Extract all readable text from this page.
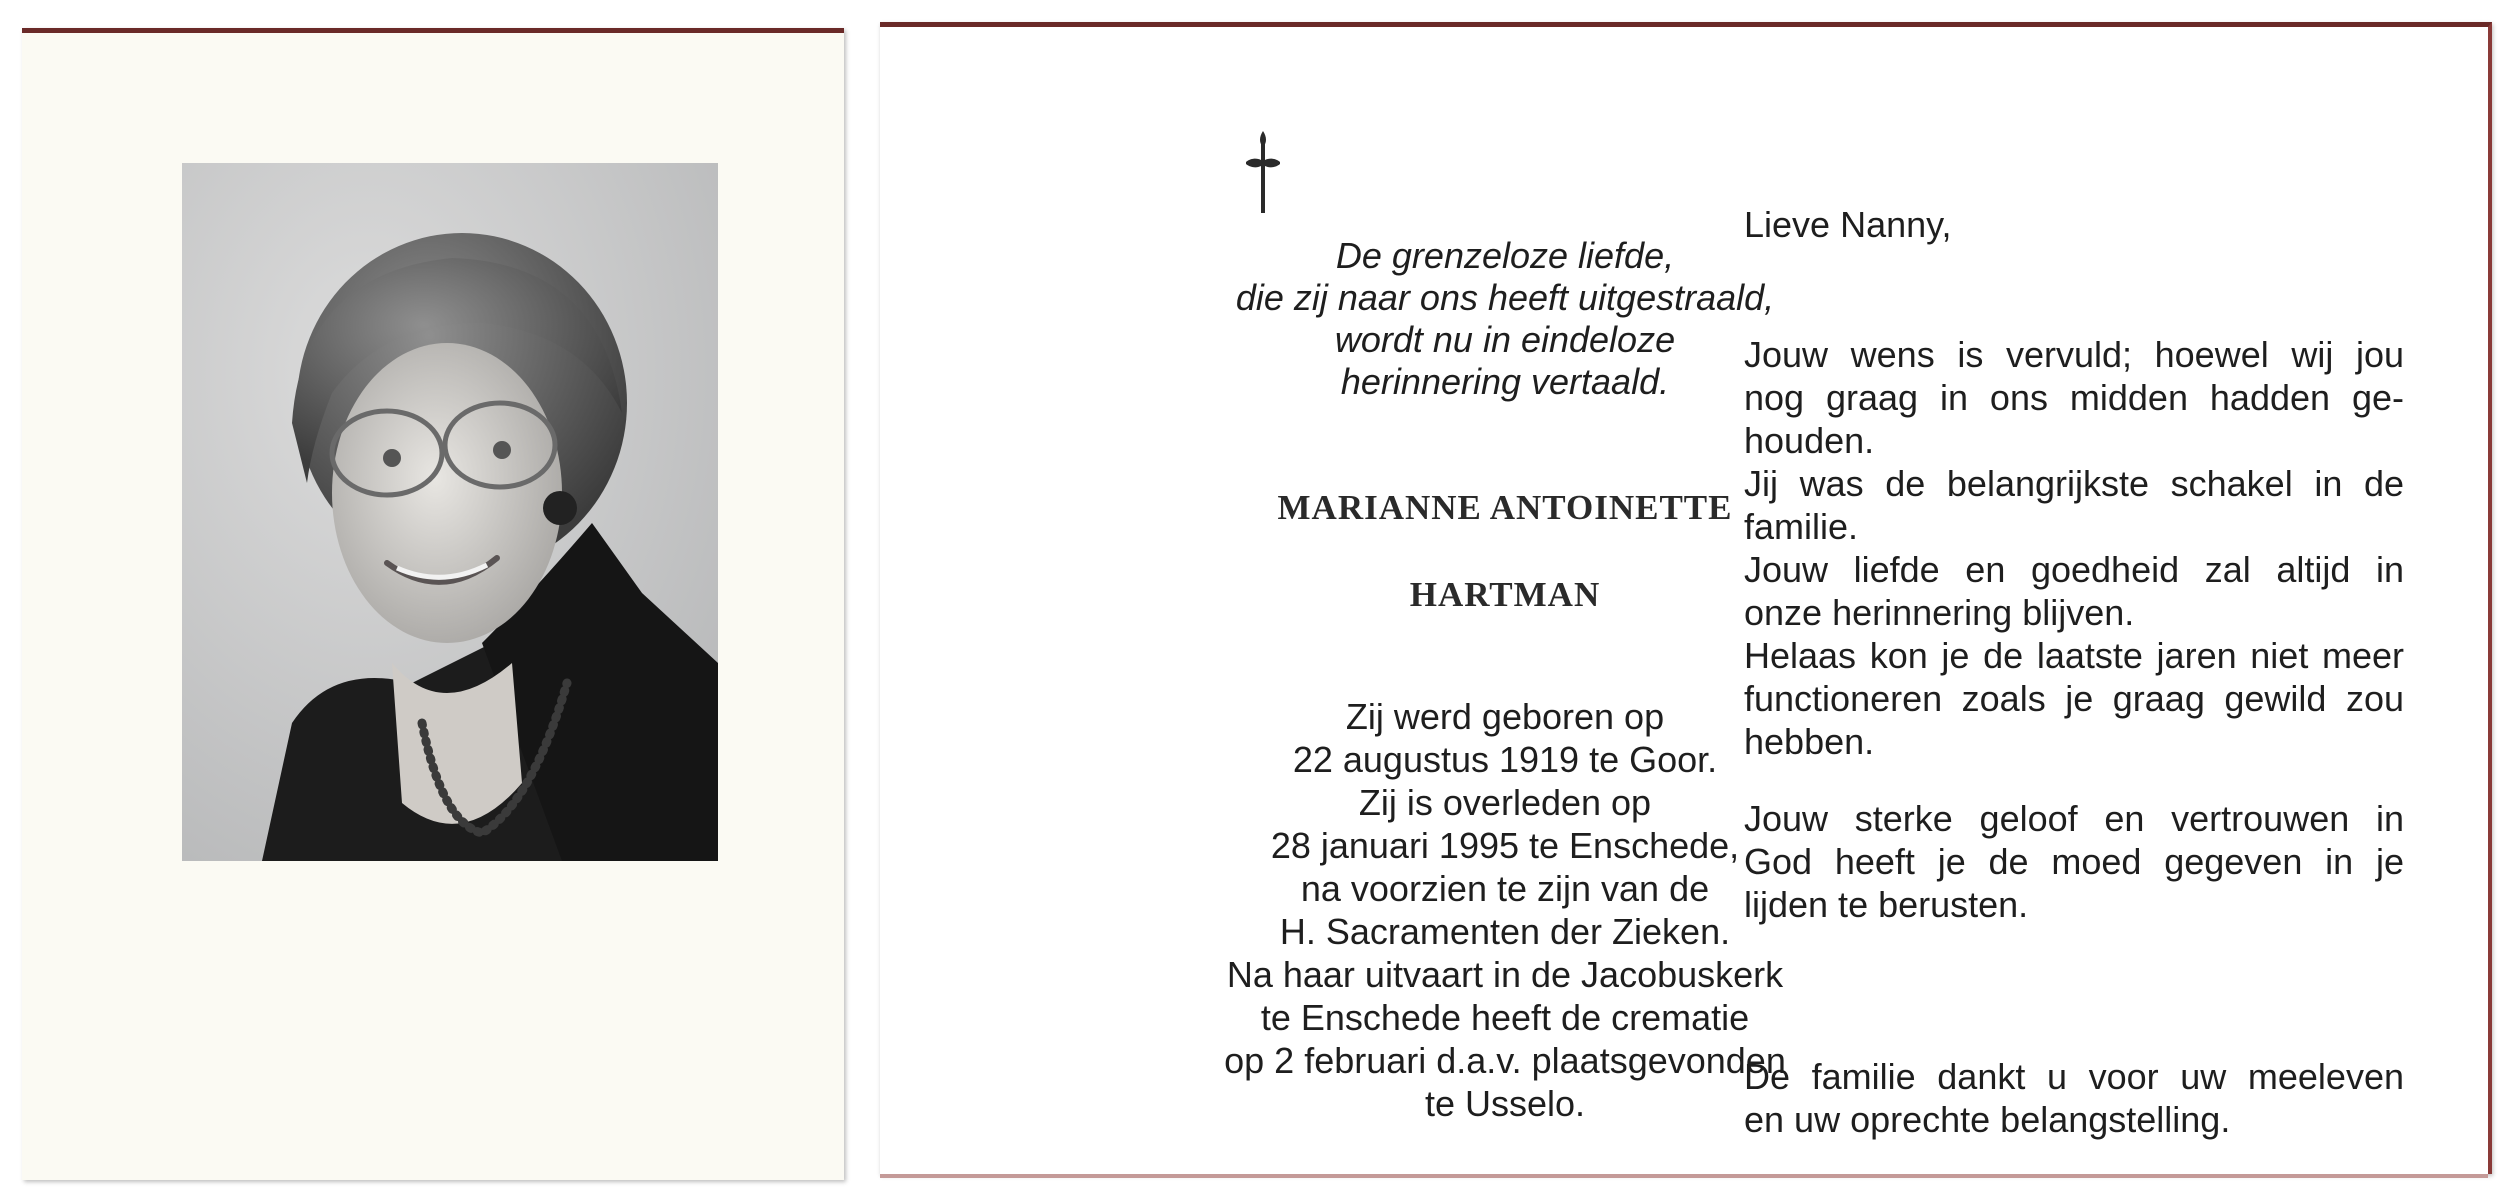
De grenzeloze liefde,
die zij naar ons heeft uitgestraald,
wordt nu in eindeloze
herinnering vertaald.
MARIANNE ANTOINETTE
HARTMAN
Zij werd geboren op
22 augustus 1919 te Goor.
Zij is overleden op
28 januari 1995 te Enschede,
na voorzien te zijn van de
H. Sacramenten der Zieken.
Na haar uitvaart in de Jacobuskerk
te Enschede heeft de crematie
op 2 februari d.a.v. plaatsgevonden
te Usselo.
Lieve Nanny,
Jouw wens is vervuld; hoewel wij jou
nog graag in ons midden hadden ge-
houden.
Jij was de belangrijkste schakel in de
familie.
Jouw liefde en goedheid zal altijd in
onze herinnering blijven.
Helaas kon je de laatste jaren niet meer
functioneren zoals je graag gewild zou
hebben.
Jouw sterke geloof en vertrouwen in
God heeft je de moed gegeven in je
lijden te berusten.
De familie dankt u voor uw meeleven
en uw oprechte belangstelling.
